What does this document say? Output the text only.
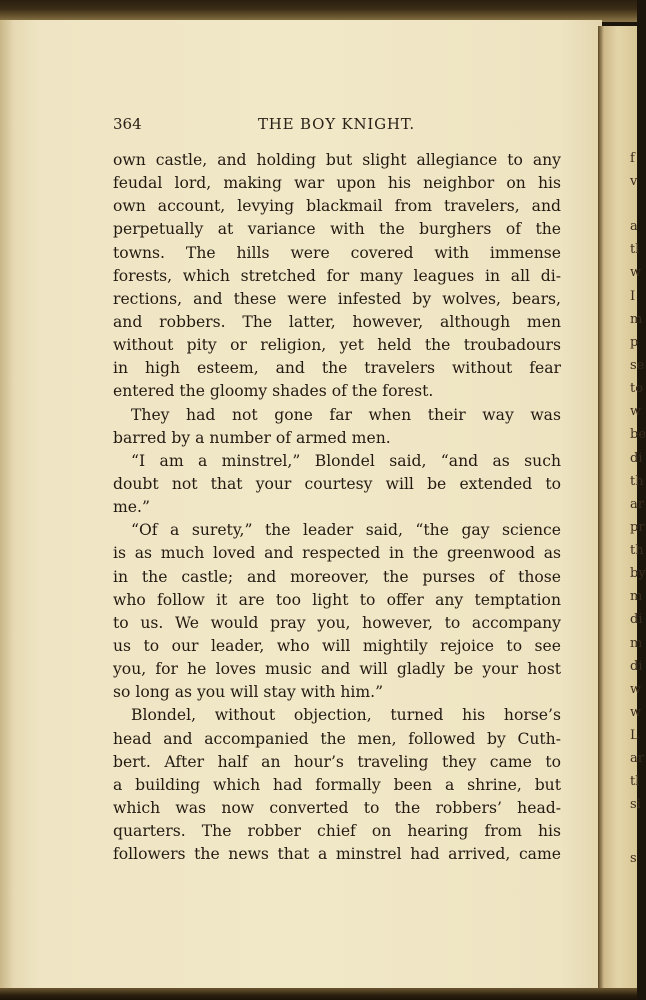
364	THE BOY KNIGHT.
own castle, and holding but slight allegiance to any
feudal lord, making war upon his neighbor on his
own account, levying blackmail from travelers, and
perpetually at variance with the burghers of the
towns. The hills were covered with immense
forests, which stretched for many leagues in all di-
rections, and these were infested by wolves, bears,
and robbers. The latter, however, although men
without pity or religion, yet held the troubadours
in high esteem, and the travelers without fear
entered the gloomy shades of the forest.
They had not gone far when their way was
barred by a number of armed men.
“I am a minstrel,” Blondel said, “and as such
doubt not that your courtesy will be extended to
me.”
“Of a surety,” the leader said, “the gay science
is as much loved and respected in the greenwood as
in the castle; and moreover, the purses of those
who follow it are too light to offer any temptation
to us. We would pray you, however, to accompany
us to our leader, who will mightily rejoice to see
you, for he loves music and will gladly be your host
so long as you will stay with him.”
Blondel, without objection, turned his horse’s
head and accompanied the men, followed by Cuth-
bert. After half an hour’s traveling they came to
a building which had formally been a shrine, but
which was now converted to the robbers’ head-
quarters. The robber chief on hearing from his
followers the news that a minstrel had arrived, came
f
v
a
tl
w
I
m
p
se
to
w
be
di
th
ar
pr
th
by
m
di
m
di
w
w
L
ar
tl
si
s
